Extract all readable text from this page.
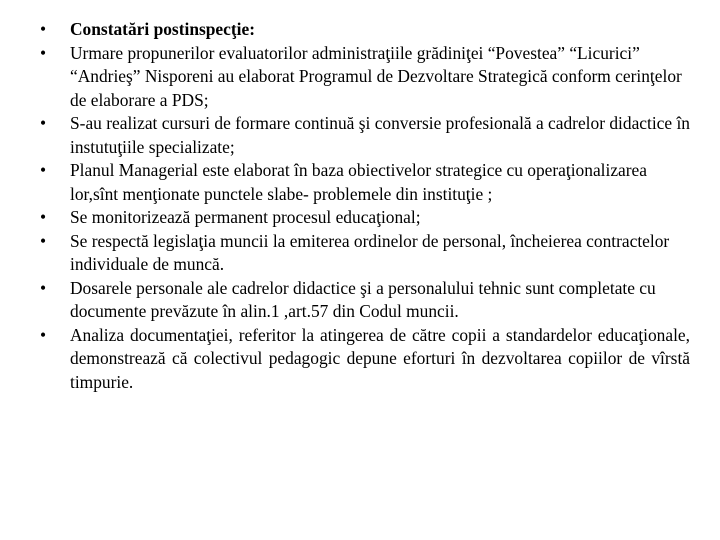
•	Constatări postinspecţie:
•	Urmare propunerilor evaluatorilor administraţiile grădiniţei “Povestea” “Licurici” “Andrieş” Nisporeni au elaborat Programul de Dezvoltare Strategică conform cerinţelor de elaborare a PDS;
•	S-au realizat cursuri de formare continuă şi conversie profesională a cadrelor didactice în instutuţiile specializate;
•	Planul Managerial este elaborat în baza obiectivelor strategice cu operaţionalizarea lor,sînt menţionate punctele slabe- problemele din instituţie ;
•	Se monitorizează permanent procesul educaţional;
•	Se respectă legislaţia muncii la emiterea ordinelor de personal, încheierea contractelor individuale de muncă.
•	Dosarele personale ale cadrelor didactice şi a personalului tehnic sunt completate cu documente prevăzute în alin.1 ,art.57 din Codul muncii.
•	Analiza documentaţiei, referitor la atingerea de către copii a standardelor educaţionale, demonstrează că colectivul pedagogic depune eforturi în dezvoltarea copiilor de vîrstă timpurie.
